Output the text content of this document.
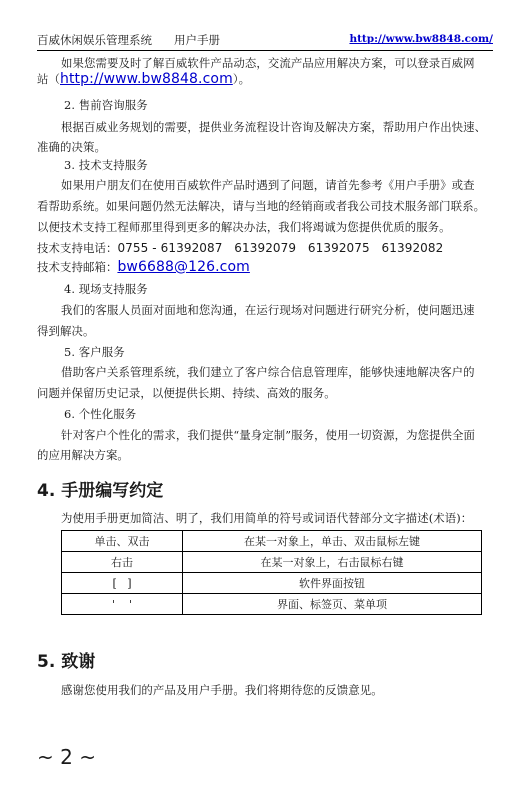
百威休闲娱乐管理系统 用户手册	http://www.bw8848.com/
如果您需要及时了解百威软件产品动态，交流产品应用解决方案，可以登录百威网
站（http://www.bw8848.com）。
2. 售前咨询服务
根据百威业务规划的需要，提供业务流程设计咨询及解决方案，帮助用户作出快速、
准确的决策。
3. 技术支持服务
如果用户朋友们在使用百威软件产品时遇到了问题，请首先参考《用户手册》或查
看帮助系统。如果问题仍然无法解决，请与当地的经销商或者我公司技术服务部门联系。
以便技术支持工程师那里得到更多的解决办法，我们将竭诚为您提供优质的服务。
技术支持电话：0755 - 61392087   61392079   61392075   61392082
技术支持邮箱：bw6688@126.com
4. 现场支持服务
我们的客服人员面对面地和您沟通，在运行现场对问题进行研究分析，使问题迅速
得到解决。
5. 客户服务
借助客户关系管理系统，我们建立了客户综合信息管理库，能够快速地解决客户的
问题并保留历史记录，以便提供长期、持续、高效的服务。
6. 个性化服务
针对客户个性化的需求，我们提供“量身定制”服务，使用一切资源，为您提供全面
的应用解决方案。
4. 手册编写约定
为使用手册更加简洁、明了，我们用简单的符号或词语代替部分文字描述(术语)：
单击、双击	在某一对象上，单击、双击鼠标左键
右击	在某一对象上，右击鼠标右键
[   ]	软件界面按钮
'    '	界面、标签页、菜单项
5. 致谢
感谢您使用我们的产品及用户手册。我们将期待您的反馈意见。
~ 2 ~
